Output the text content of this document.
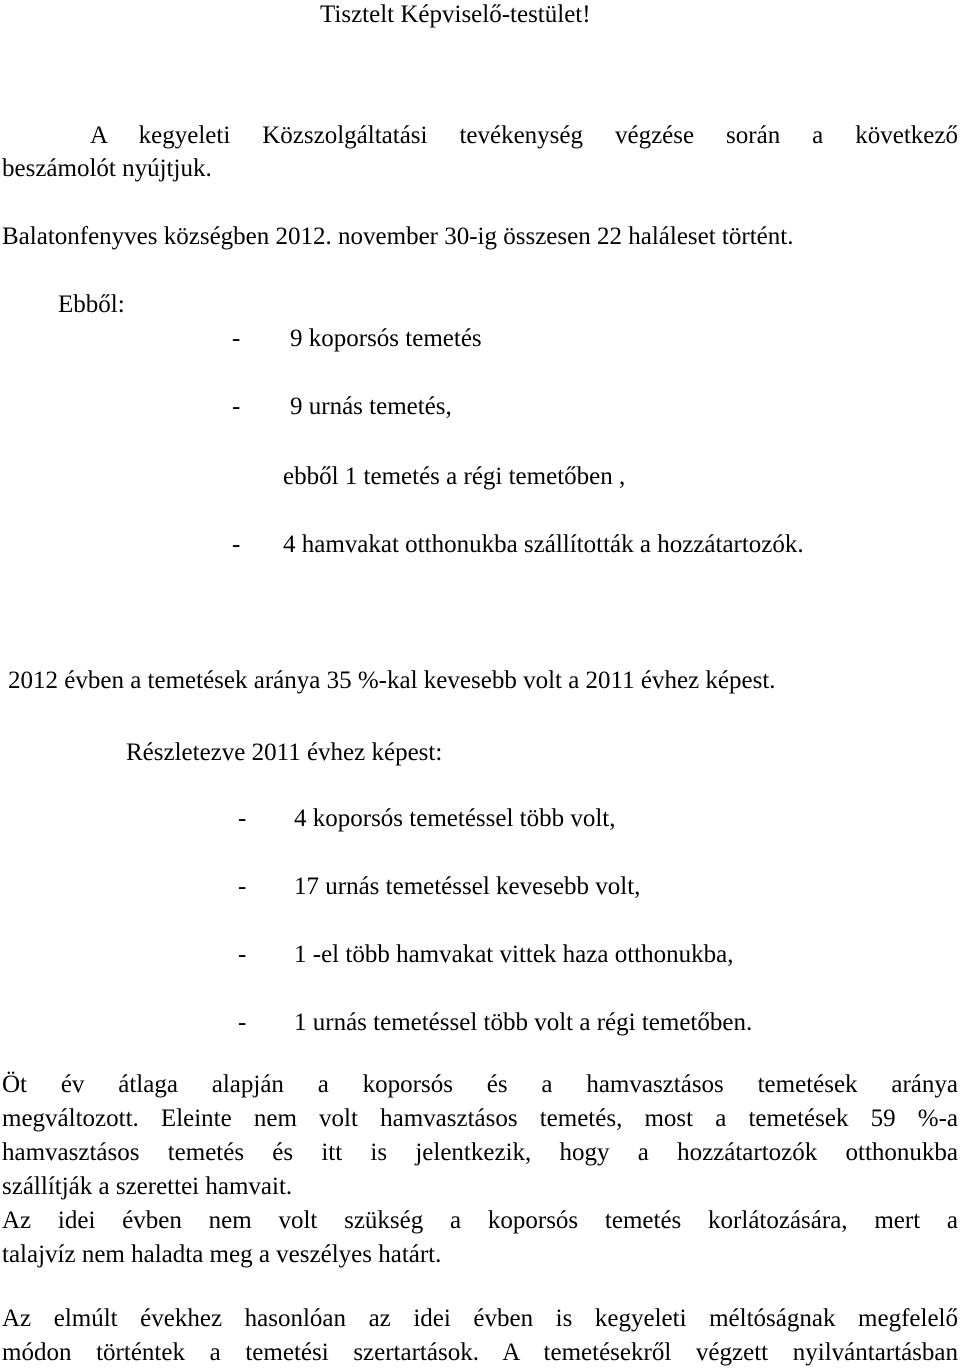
Tisztelt Képviselő-testület!
A kegyeleti Közszolgáltatási tevékenység végzése során a következő
beszámolót nyújtjuk.
Balatonfenyves községben 2012. november 30-ig összesen 22 haláleset történt.
Ebből:
- 9 koporsós temetés
- 9 urnás temetés,
ebből 1 temetés a régi temetőben ,
- 4 hamvakat otthonukba szállították a hozzátartozók.
2012 évben a temetések aránya 35 %-kal kevesebb volt a 2011 évhez képest.
Részletezve 2011 évhez képest:
- 4 koporsós temetéssel több volt,
- 17 urnás temetéssel kevesebb volt,
- 1 -el több hamvakat vittek haza otthonukba,
- 1 urnás temetéssel több volt a régi temetőben.
Öt év átlaga alapján a koporsós és a hamvasztásos temetések aránya
megváltozott. Eleinte nem volt hamvasztásos temetés, most a temetések 59 %-a
hamvasztásos temetés és itt is jelentkezik, hogy a hozzátartozók otthonukba
szállítják a szerettei hamvait.
Az idei évben nem volt szükség a koporsós temetés korlátozására, mert a
talajvíz nem haladta meg a veszélyes határt.
Az elmúlt évekhez hasonlóan az idei évben is kegyeleti méltóságnak megfelelő
módon történtek a temetési szertartások. A temetésekről végzett nyilvántartásban
